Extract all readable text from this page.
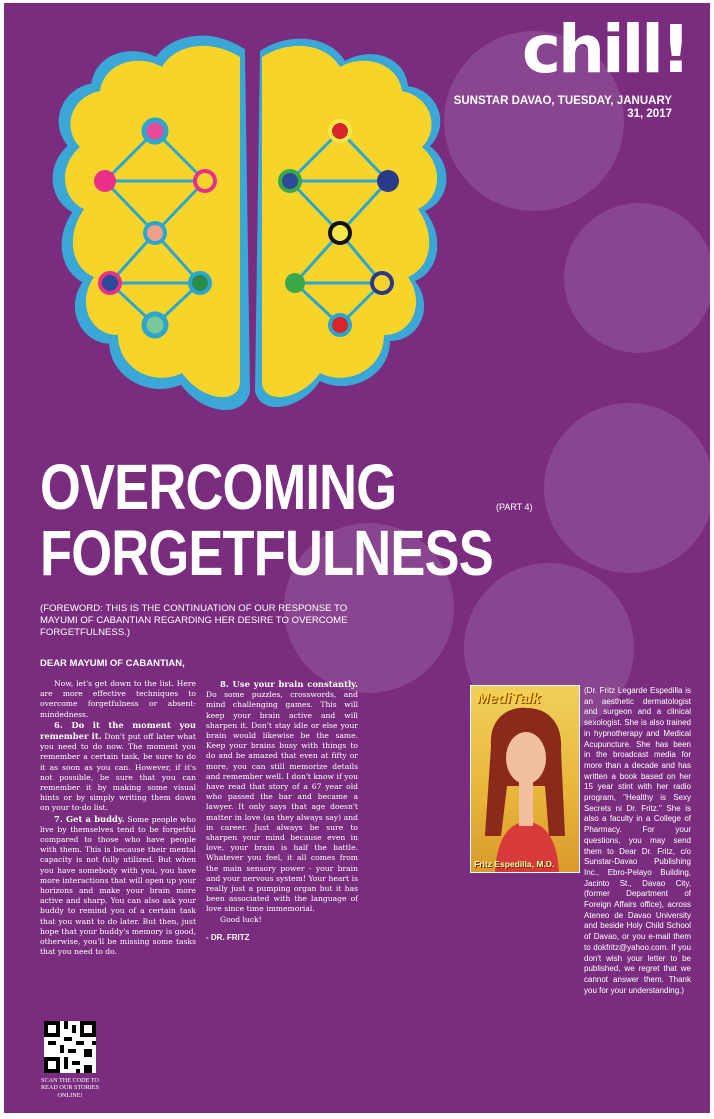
chill!
SUNSTAR DAVAO, TUESDAY, JANUARY 31, 2017
OVERCOMING
FORGETFULNESS
(PART 4)
(FOREWORD: THIS IS THE CONTINUATION OF OUR RESPONSE TO MAYUMI OF CABANTIAN REGARDING HER DESIRE TO OVERCOME FORGETFULNESS.)
DEAR MAYUMI OF CABANTIAN,

Now, let's get down to the list. Here are more effective techniques to overcome forgetfulness or absent-mindedness.

6. Do it the moment you remember it. Don't put off later what you need to do now. The moment you remember a certain task, be sure to do it as soon as you can. However, if it's not possible, be sure that you can remember it by making some visual hints or by simply writing them down on your to-do list.

7. Get a buddy. Some people who live by themselves tend to be forgetful compared to those who have people with them. This is because their mental capacity is not fully utilized. But when you have somebody with you, you have more interactions that will open up your horizons and make your brain more active and sharp. You can also ask your buddy to remind you of a certain task that you want to do later. But then, just hope that your buddy's memory is good, otherwise, you'll be missing some tasks that you need to do.

8. Use your brain constantly. Do some puzzles, crosswords, and mind challenging games. This will keep your brain active and will sharpen it. Don't stay idle or else your brain would likewise be the same. Keep your brains busy with things to do and be amazed that even at fifty or more, you can still memorize details and remember well. I don't know if you have read that story of a 67 year old who passed the bar and became a lawyer. It only says that age doesn't matter in love (as they always say) and in career. Just always be sure to sharpen your mind because even in love, your brain is half the battle. Whatever you feel, it all comes from the main sensory power - your brain and your nervous system! Your heart is really just a pumping organ but it has been associated with the language of love since time immemorial.

Good luck!

- DR. FRITZ
MediTalk
Fritz Espedilla, M.D.
(Dr. Fritz Legarde Espedilla is an aesthetic dermatologist and surgeon and a clinical sexologist. She is also trained in hypnotherapy and Medical Acupuncture. She has been in the broadcast media for more than a decade and has written a book based on her 15 year stint with her radio program, "Healthy is Sexy Secrets ni Dr. Fritz." She is also a faculty in a College of Pharmacy. For your questions, you may send them to Dear Dr. Fritz, c/o Sunstar-Davao Publishing Inc., Ebro-Pelayo Building, Jacinto St., Davao City, (former Department of Foreign Affairs office), across Ateneo de Davao University and beside Holy Child School of Davao, or you e-mail them to dokfritz@yahoo.com. If you don't wish your letter to be published, we regret that we cannot answer them. Thank you for your understanding.)
SCAN THE CODE TO READ OUR STORIES ONLINE!
